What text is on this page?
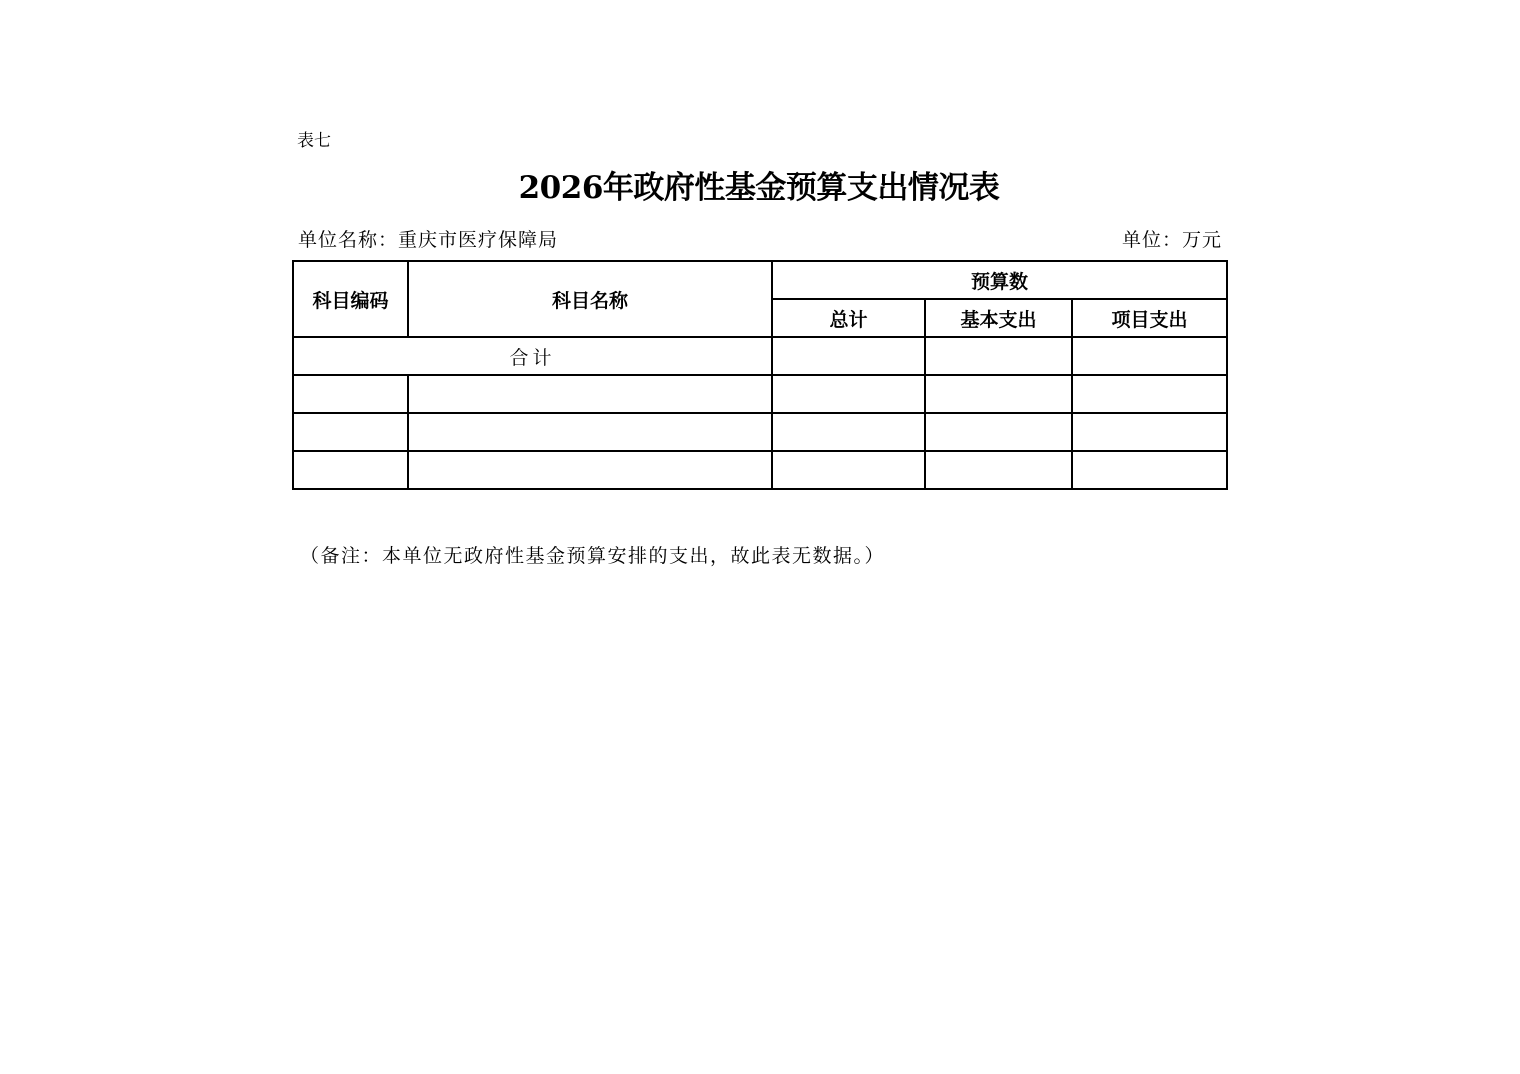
表七
2026年政府性基金预算支出情况表
单位名称：重庆市医疗保障局	单位：万元
科目编码	科目名称	预算数		
		总计	基本支出	项目支出
合计				

（备注：本单位无政府性基金预算安排的支出，故此表无数据。）
